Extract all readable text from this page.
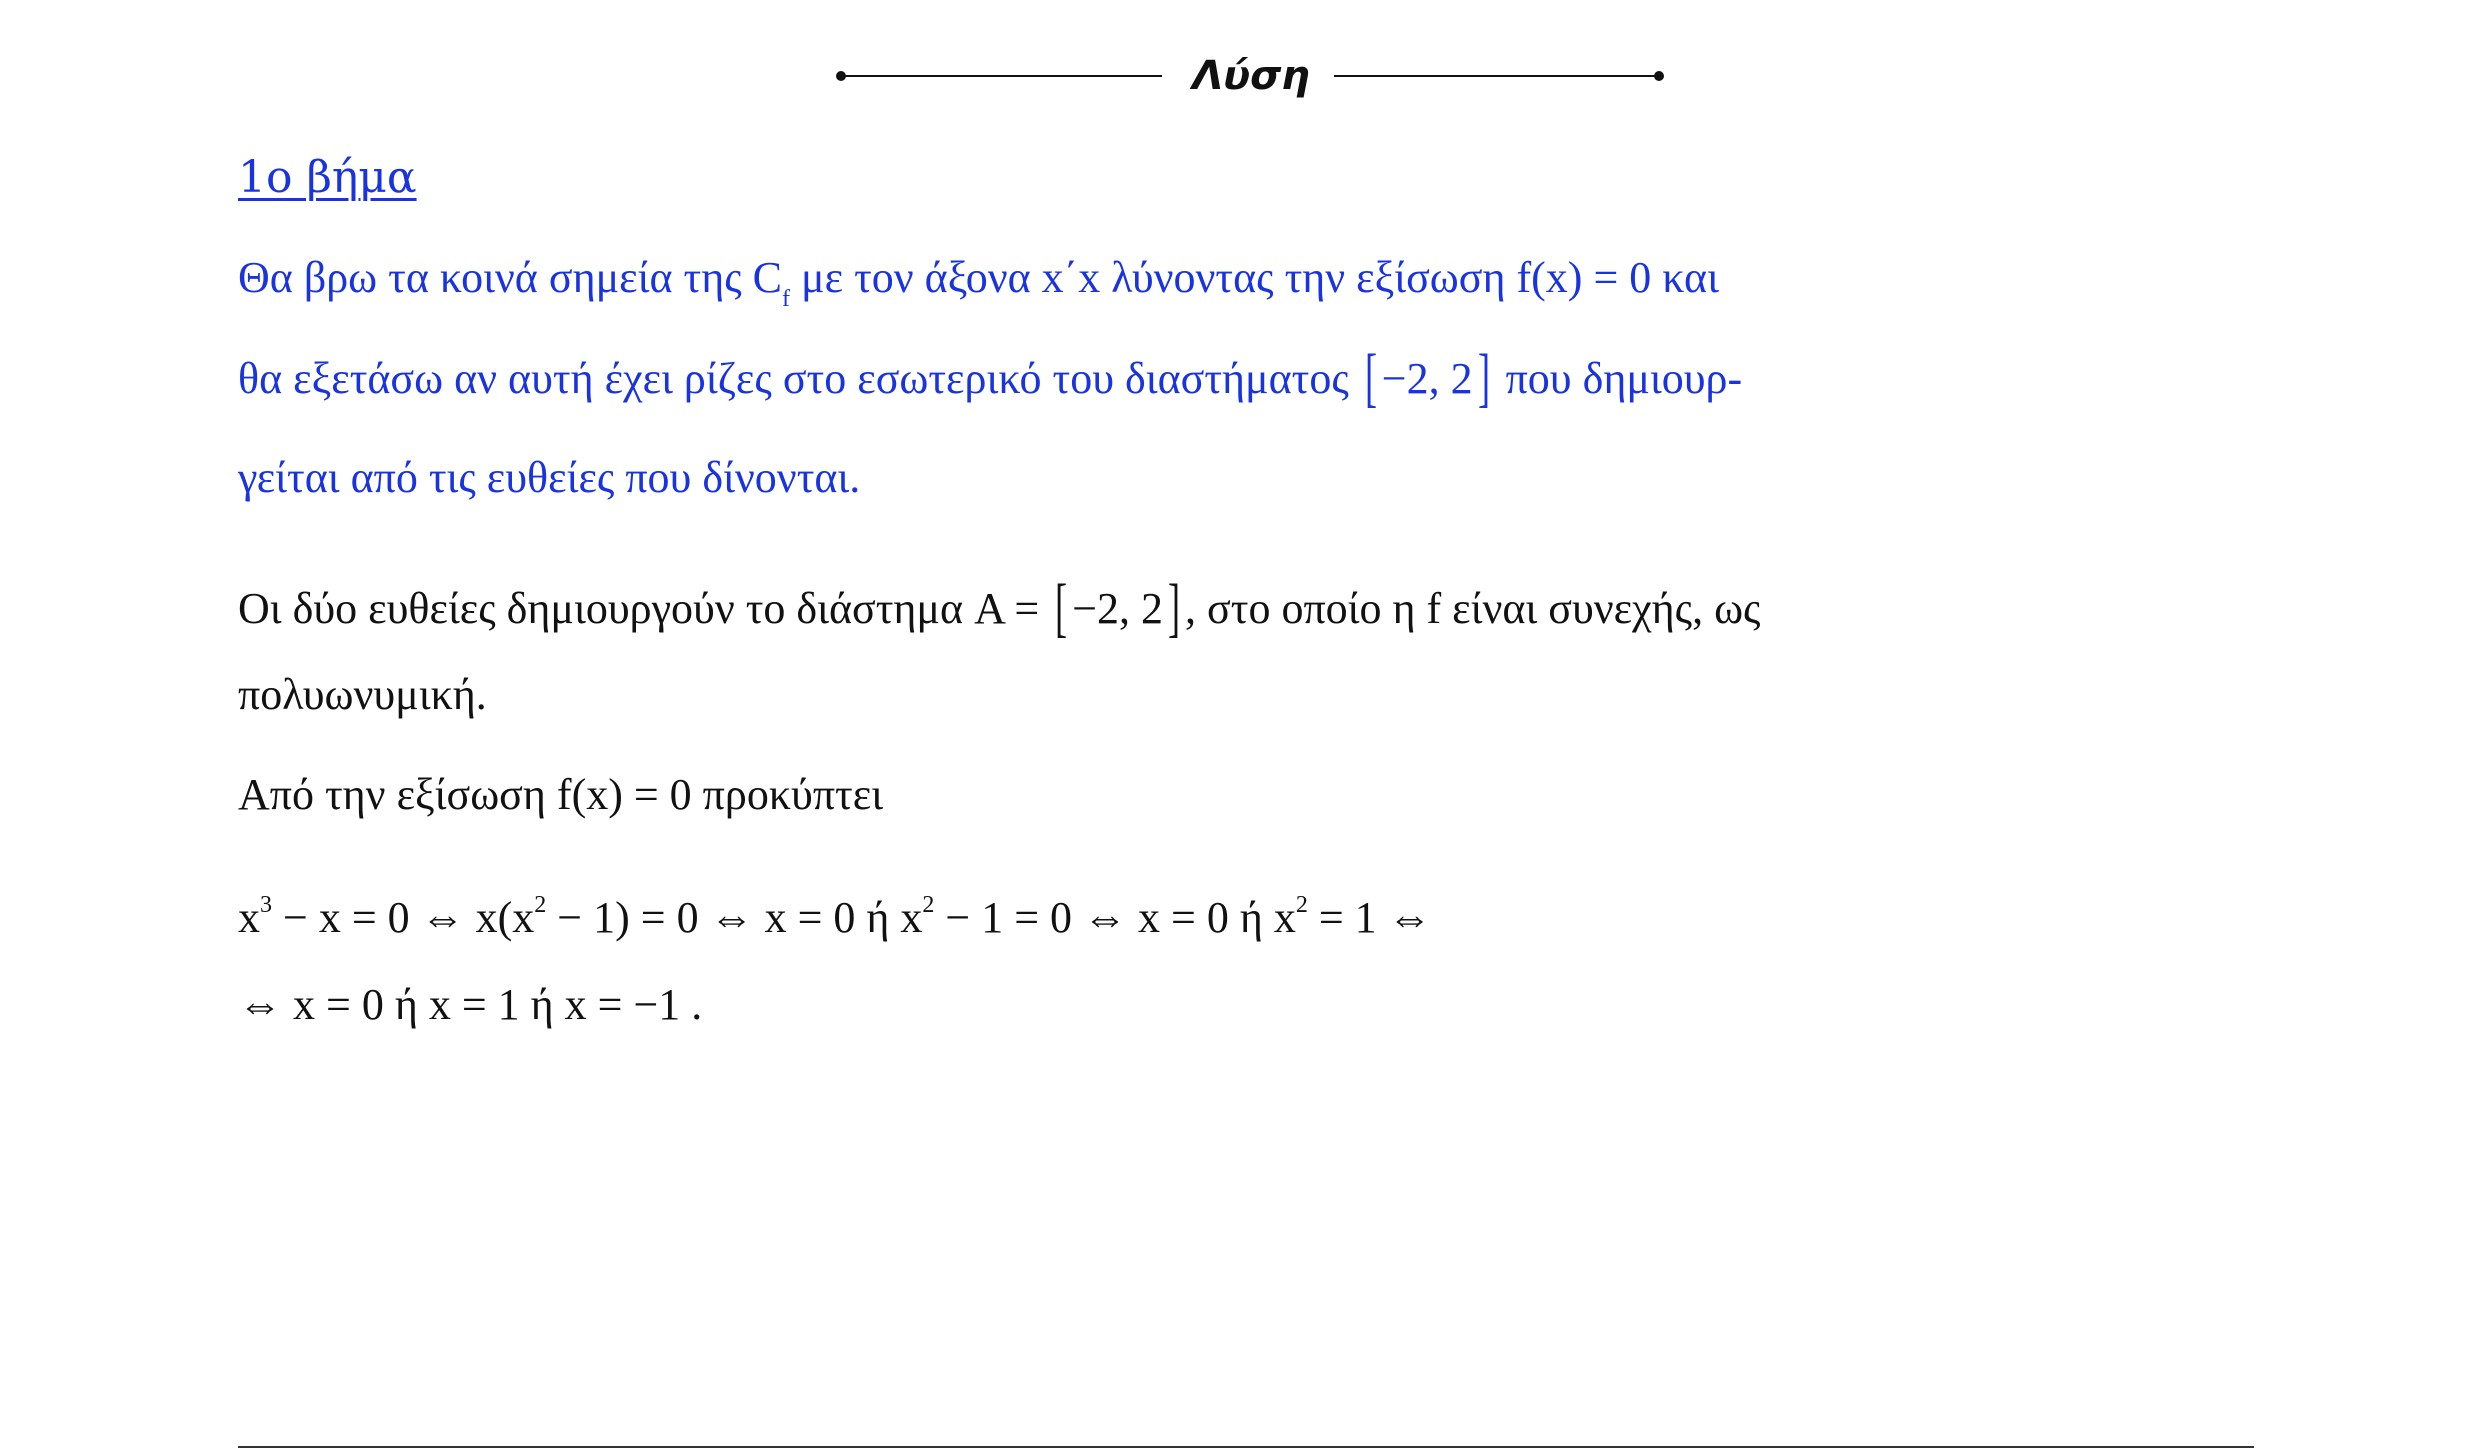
Λύση
1ο βήμα
Θα βρω τα κοινά σημεία της $C_f$ με τον άξονα x΄x λύνοντας την εξίσωση f(x) = 0 και
θα εξετάσω αν αυτή έχει ρίζες στο εσωτερικό του διαστήματος [ −2, 2] που δημιουρ-
γείται από τις ευθείες που δίνονται.
Οι δύο ευθείες δημιουργούν το διάστημα A = [ −2, 2] , στο οποίο η f είναι συνεχής, ως
πολυωνυμική.
Από την εξίσωση f(x) = 0 προκύπτει
$x^3 - x = 0$ ⇔ $x(x^2 - 1) = 0$ ⇔ x = 0 ή $x^2 - 1 = 0$ ⇔ x = 0 ή $x^2 = 1$ ⇔
⇔ x = 0 ή x = 1 ή x = −1 .
